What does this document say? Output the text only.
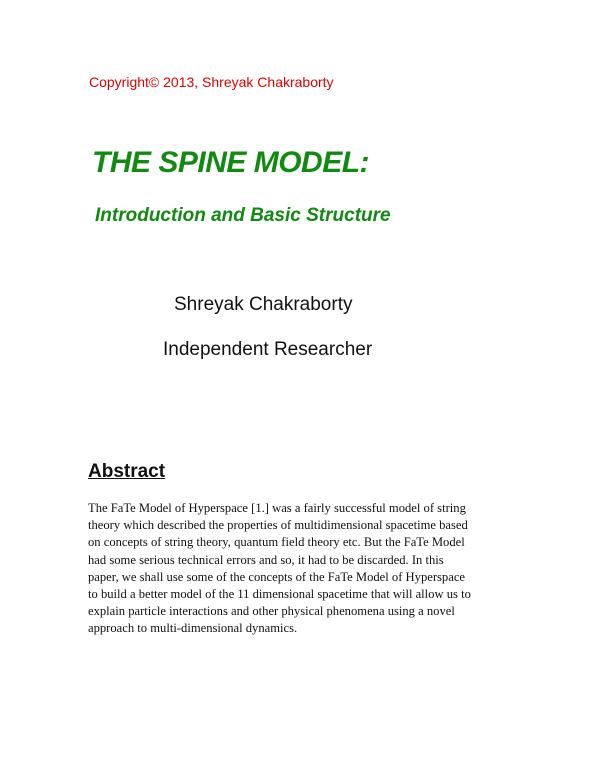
Copyright© 2013, Shreyak Chakraborty
THE SPINE MODEL:
Introduction and Basic Structure
Shreyak Chakraborty
Independent Researcher
Abstract
The FaTe Model of Hyperspace [1.] was a fairly successful model of string
theory which described the properties of multidimensional spacetime based
on concepts of string theory, quantum field theory etc. But the FaTe Model
had some serious technical errors and so, it had to be discarded. In this
paper, we shall use some of the concepts of the FaTe Model of Hyperspace
to build a better model of the 11 dimensional spacetime that will allow us to
explain particle interactions and other physical phenomena using a novel
approach to multi-dimensional dynamics.
